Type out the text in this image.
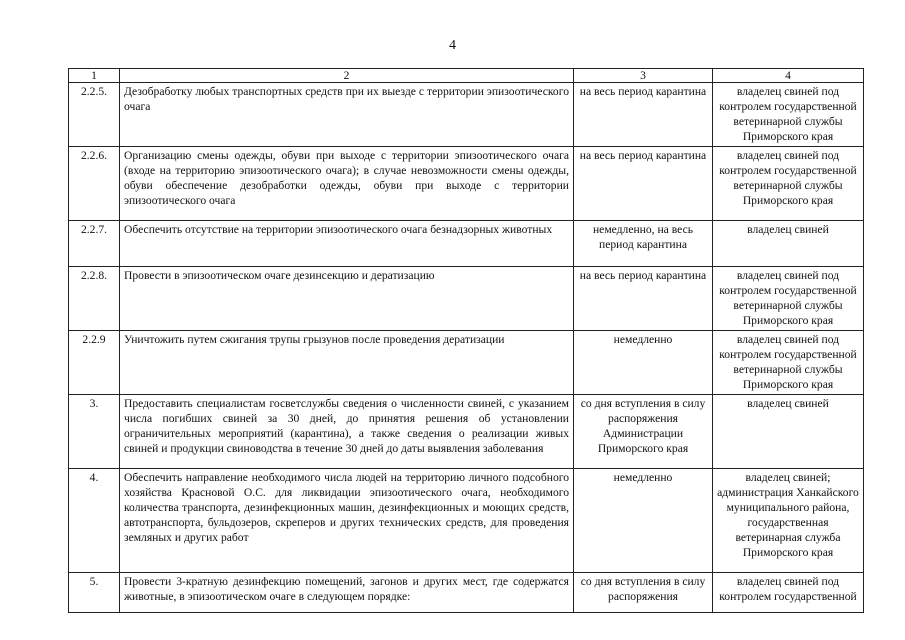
4
1	2	3	4
2.2.5.	Дезобработку любых транспортных средств при их выезде с территории эпизоотического очага	на весь период карантина	владелец свиней под контролем государственной ветеринарной службы Приморского края
2.2.6.	Организацию смены одежды, обуви при выходе с территории эпизоотического очага (входе на территорию эпизоотического очага); в случае невозможности смены одежды, обуви обеспечение дезобработки одежды, обуви при выходе с территории эпизоотического очага	на весь период карантина	владелец свиней под контролем государственной ветеринарной службы Приморского края
2.2.7.	Обеспечить отсутствие на территории эпизоотического очага безнадзорных животных	немедленно, на весь период карантина	владелец свиней
2.2.8.	Провести в эпизоотическом очаге дезинсекцию и дератизацию	на весь период карантина	владелец свиней под контролем государственной ветеринарной службы Приморского края
2.2.9	Уничтожить путем сжигания трупы грызунов после проведения дератизации	немедленно	владелец свиней под контролем государственной ветеринарной службы Приморского края
3.	Предоставить специалистам госветслужбы сведения о численности свиней, с указанием числа погибших свиней за 30 дней, до принятия решения об установлении ограничительных мероприятий (карантина), а также сведения о реализации живых свиней и продукции свиноводства в течение 30 дней до даты выявления заболевания	со дня вступления в силу распоряжения Администрации Приморского края	владелец свиней
4.	Обеспечить направление необходимого числа людей на территорию личного подсобного хозяйства Красновой О.С. для ликвидации эпизоотического очага, необходимого количества транспорта, дезинфекционных машин, дезинфекционных и моющих средств, автотранспорта, бульдозеров, скреперов и других технических средств, для проведения земляных и других работ	немедленно	владелец свиней; администрация Ханкайского муниципального района, государственная ветеринарная служба Приморского края
5.	Провести 3-кратную дезинфекцию помещений, загонов и других мест, где содержатся животные, в эпизоотическом очаге в следующем порядке:	со дня вступления в силу распоряжения	владелец свиней под контролем государственной
